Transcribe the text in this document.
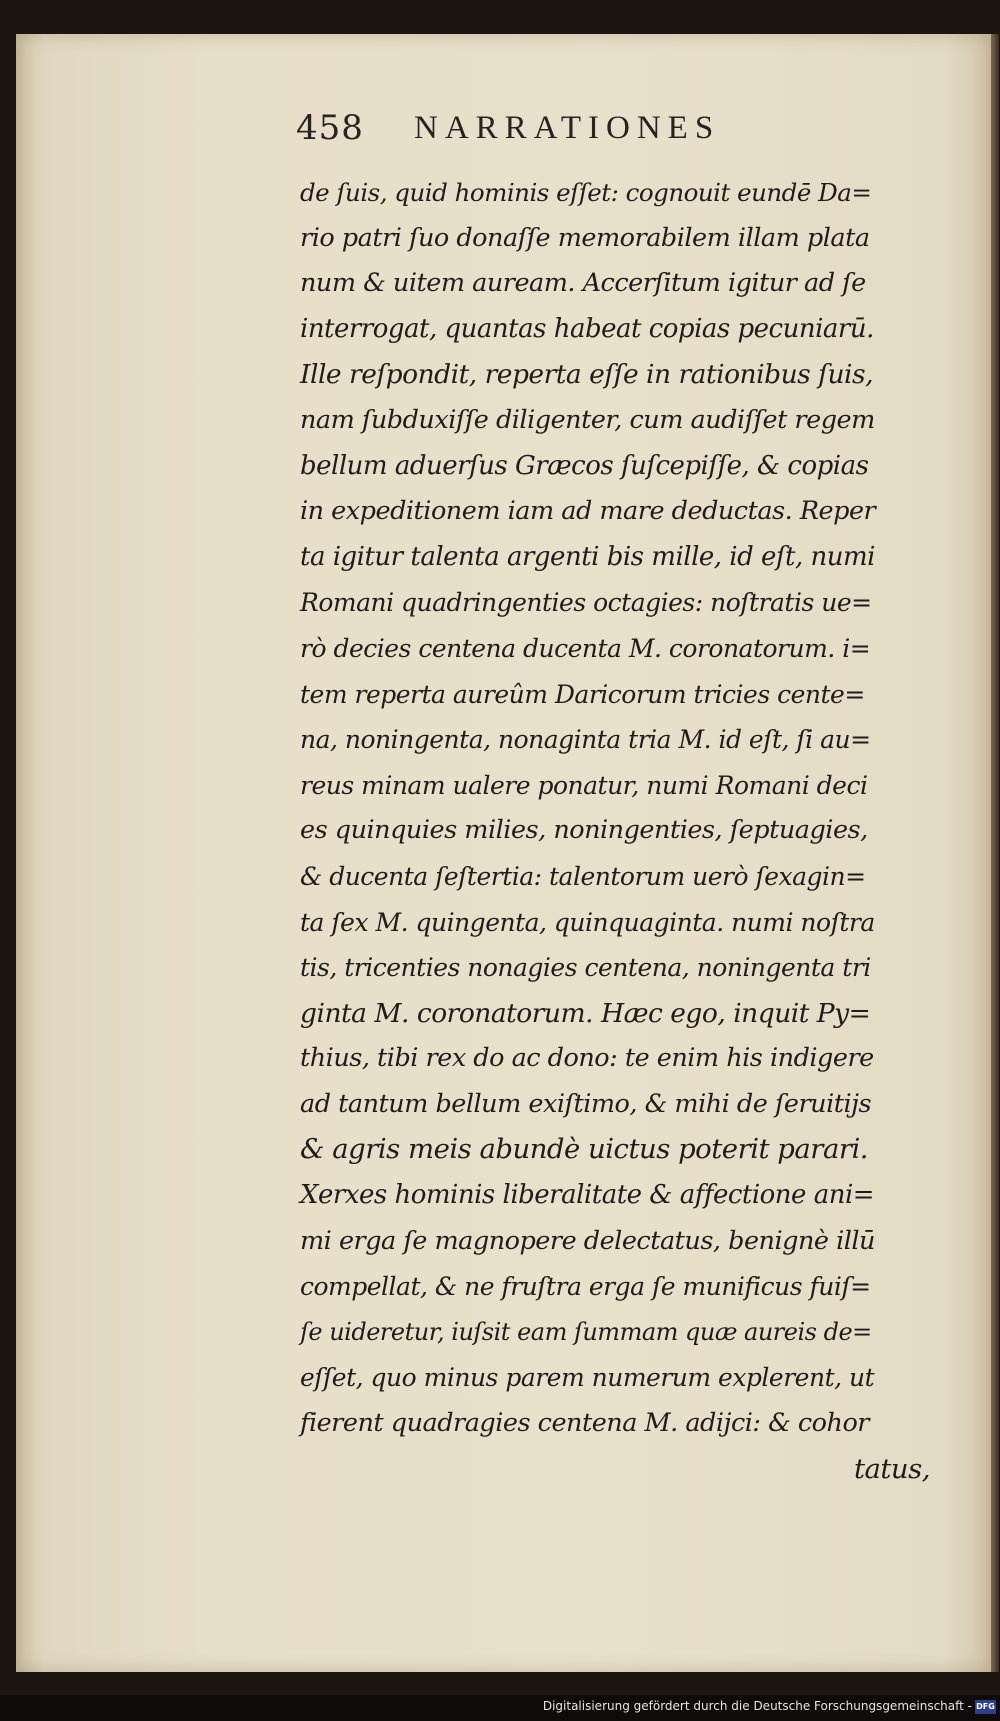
458 NARRATIONES
de ſuis, quid hominis eſſet: cognouit eundē Da=
rio patri ſuo donaſſe memorabilem illam plata
num & uitem auream. Accerſitum igitur ad ſe
interrogat, quantas habeat copias pecuniarū.
Ille reſpondit, reperta eſſe in rationibus ſuis,
nam ſubduxiſſe diligenter, cum audiſſet regem
bellum aduerſus Græcos ſuſcepiſſe, & copias
in expeditionem iam ad mare deductas. Reper
ta igitur talenta argenti bis mille, id eſt, numi
Romani quadringenties octagies: noſtratis ue=
rò decies centena ducenta M. coronatorum. i=
tem reperta aureûm Daricorum tricies cente=
na, noningenta, nonaginta tria M. id eſt, ſi au=
reus minam ualere ponatur, numi Romani deci
es quinquies milies, noningenties, ſeptuagies,
& ducenta ſeſtertia: talentorum uerò ſexagin=
ta ſex M. quingenta, quinquaginta. numi noſtra
tis, tricenties nonagies centena, noningenta tri
ginta M. coronatorum. Hæc ego, inquit Py=
thius, tibi rex do ac dono: te enim his indigere
ad tantum bellum exiſtimo, & mihi de ſeruitijs
& agris meis abundè uictus poterit parari.
Xerxes hominis liberalitate & affectione ani=
mi erga ſe magnopere delectatus, benignè illū
compellat, & ne fruſtra erga ſe munificus fuiſ=
ſe uideretur, iuſsit eam ſummam quæ aureis de=
eſſet, quo minus parem numerum explerent, ut
fierent quadragies centena M. adijci: & cohor
tatus,
Digitalisierung gefördert durch die Deutsche Forschungsgemeinschaft - DFG
